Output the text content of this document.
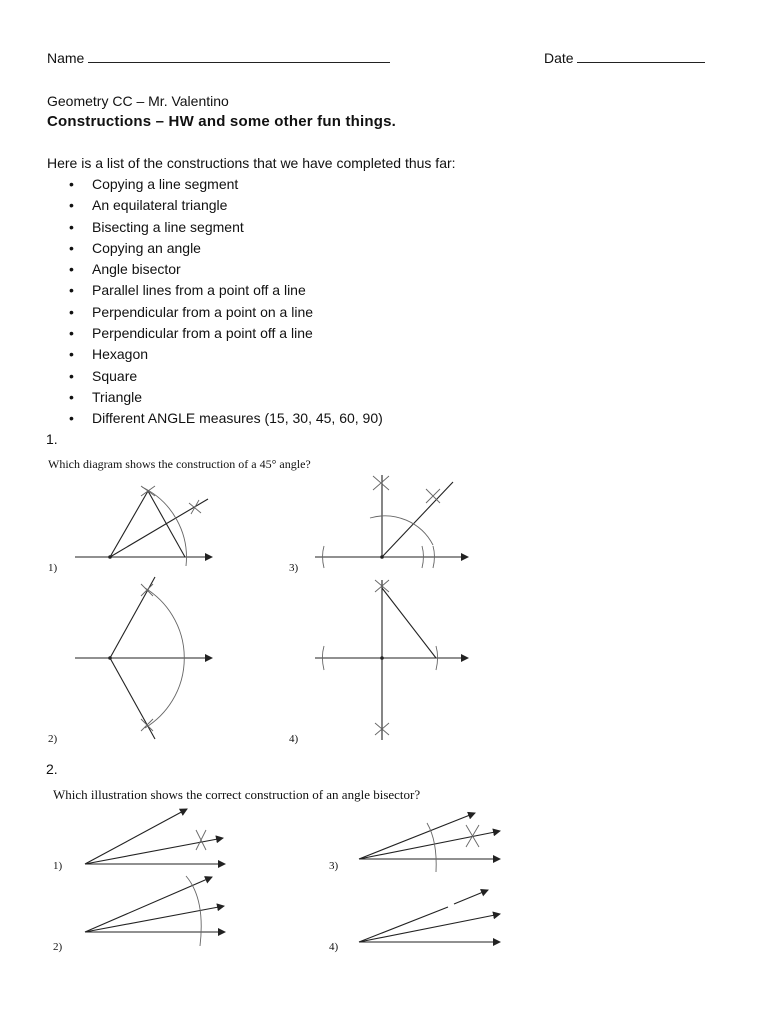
Name	Date
Geometry CC – Mr. Valentino
Constructions – HW and some other fun things.
Here is a list of the constructions that we have completed thus far:
• Copying a line segment
• An equilateral triangle
• Bisecting a line segment
• Copying an angle
• Angle bisector
• Parallel lines from a point off a line
• Perpendicular from a point on a line
• Perpendicular from a point off a line
• Hexagon
• Square
• Triangle
• Different ANGLE measures (15, 30, 45, 60, 90)
1.
Which diagram shows the construction of a 45° angle?
1)
2)
3)
4)
2.
Which illustration shows the correct construction of an angle bisector?
1)
2)
3)
4)
